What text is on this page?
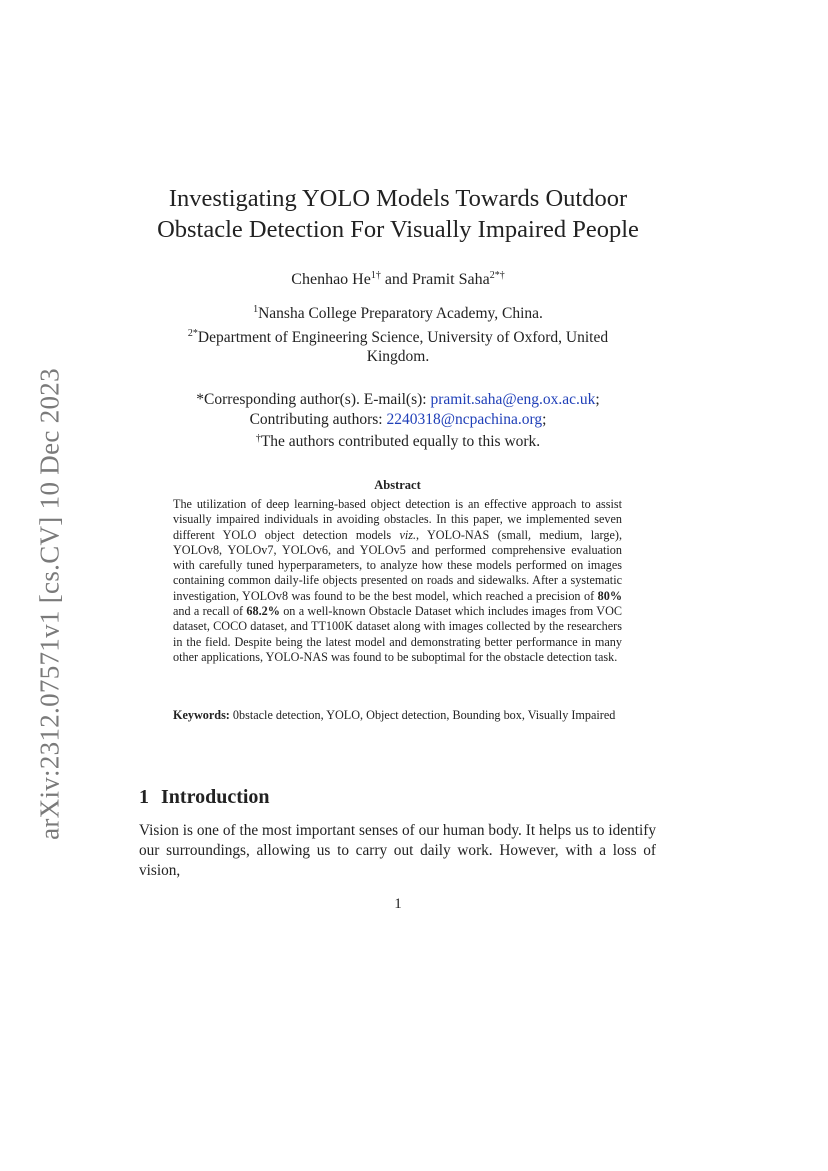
arXiv:2312.07571v1 [cs.CV] 10 Dec 2023
Investigating YOLO Models Towards Outdoor
Obstacle Detection For Visually Impaired People
Chenhao $He^{1\dagger}$ and Pramit Saha$^{2*\dagger}$
$^1$Nansha College Preparatory Academy, China.
$^{2*}$Department of Engineering Science, University of Oxford, United Kingdom.
*Corresponding author(s). E-mail(s): pramit.saha@eng.ox.ac.uk;
Contributing authors: 2240318@ncpachina.org;
†The authors contributed equally to this work.
Abstract

The utilization of deep learning-based object detection is an effective approach to assist visually impaired individuals in avoiding obstacles. In this paper, we implemented seven different YOLO object detection models viz., YOLO-NAS (small, medium, large), YOLOv8, YOLOv7, YOLOv6, and YOLOv5 and performed comprehensive evaluation with carefully tuned hyperparameters, to analyze how these models performed on images containing common daily-life objects presented on roads and sidewalks. After a systematic investigation, YOLOv8 was found to be the best model, which reached a precision of 80% and a recall of 68.2% on a well-known Obstacle Dataset which includes images from VOC dataset, COCO dataset, and TT100K dataset along with images collected by the researchers in the field. Despite being the latest model and demonstrating better performance in many other applications, YOLO-NAS was found to be suboptimal for the obstacle detection task.

Keywords: 0bstacle detection, YOLO, Object detection, Bounding box, Visually Impaired

1 Introduction

Vision is one of the most important senses of our human body. It helps us to identify our surroundings, allowing us to carry out daily work. However, with a loss of vision,

1
